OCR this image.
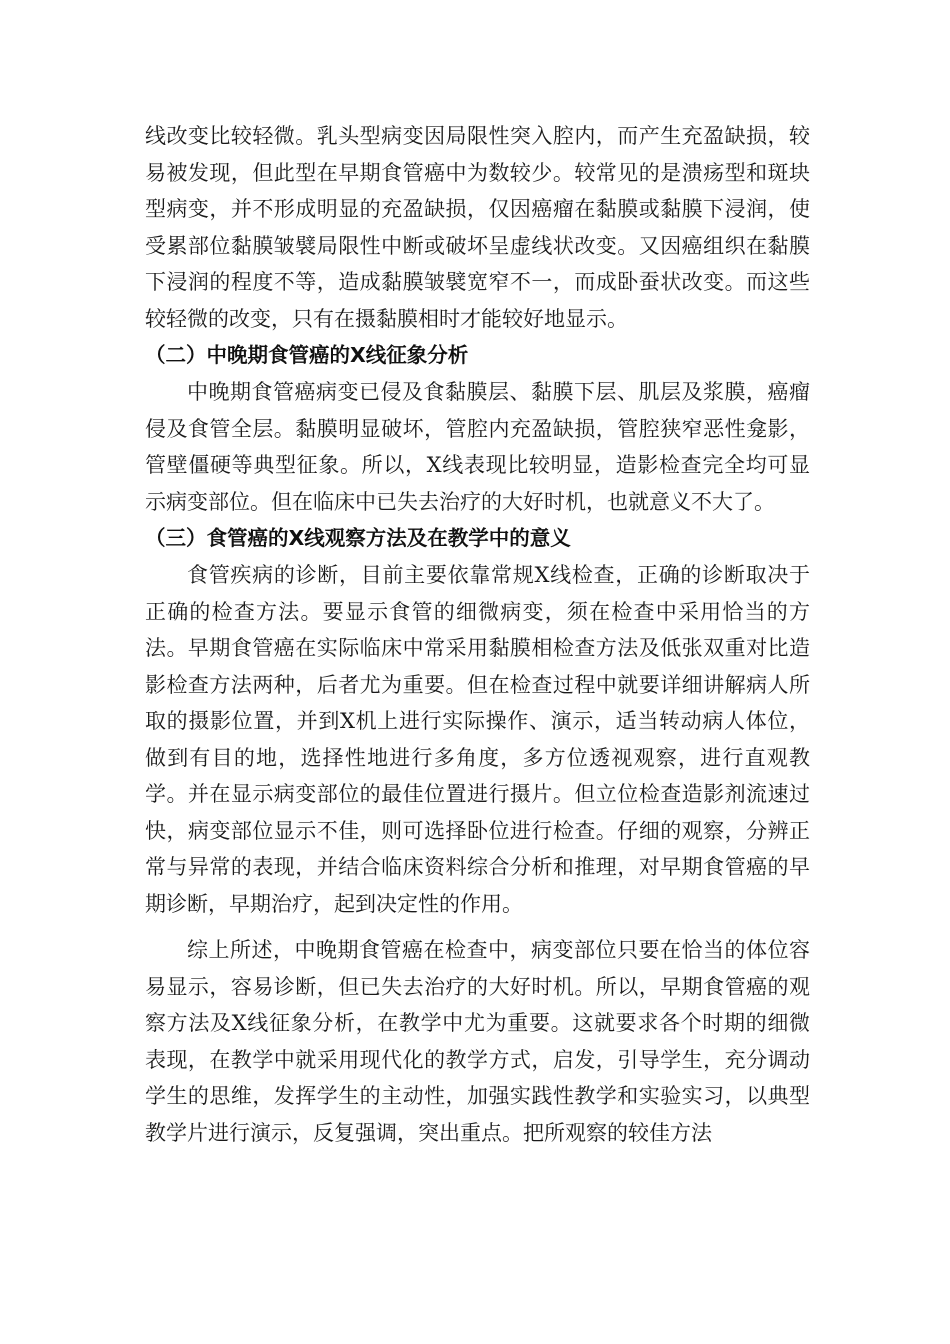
线改变比较轻微。乳头型病变因局限性突入腔内，而产生充盈缺损，较易被发现，但此型在早期食管癌中为数较少。较常见的是溃疡型和斑块型病变，并不形成明显的充盈缺损，仅因癌瘤在黏膜或黏膜下浸润，使受累部位黏膜皱襞局限性中断或破坏呈虚线状改变。又因癌组织在黏膜下浸润的程度不等，造成黏膜皱襞宽窄不一，而成卧蚕状改变。而这些较轻微的改变，只有在摄黏膜相时才能较好地显示。

（二）中晚期食管癌的X线征象分析

中晚期食管癌病变已侵及食黏膜层、黏膜下层、肌层及浆膜，癌瘤侵及食管全层。黏膜明显破坏，管腔内充盈缺损，管腔狭窄恶性龛影，管壁僵硬等典型征象。所以，X线表现比较明显，造影检查完全均可显示病变部位。但在临床中已失去治疗的大好时机，也就意义不大了。

（三）食管癌的X线观察方法及在教学中的意义

食管疾病的诊断，目前主要依靠常规X线检查，正确的诊断取决于正确的检查方法。要显示食管的细微病变，须在检查中采用恰当的方法。早期食管癌在实际临床中常采用黏膜相检查方法及低张双重对比造影检查方法两种，后者尤为重要。但在检查过程中就要详细讲解病人所取的摄影位置，并到X机上进行实际操作、演示，适当转动病人体位，做到有目的地，选择性地进行多角度，多方位透视观察，进行直观教学。并在显示病变部位的最佳位置进行摄片。但立位检查造影剂流速过快，病变部位显示不佳，则可选择卧位进行检查。仔细的观察，分辨正常与异常的表现，并结合临床资料综合分析和推理，对早期食管癌的早期诊断，早期治疗，起到决定性的作用。

综上所述，中晚期食管癌在检查中，病变部位只要在恰当的体位容易显示，容易诊断，但已失去治疗的大好时机。所以，早期食管癌的观察方法及X线征象分析，在教学中尤为重要。这就要求各个时期的细微表现，在教学中就采用现代化的教学方式，启发，引导学生，充分调动学生的思维，发挥学生的主动性，加强实践性教学和实验实习，以典型教学片进行演示，反复强调，突出重点。把所观察的较佳方法
